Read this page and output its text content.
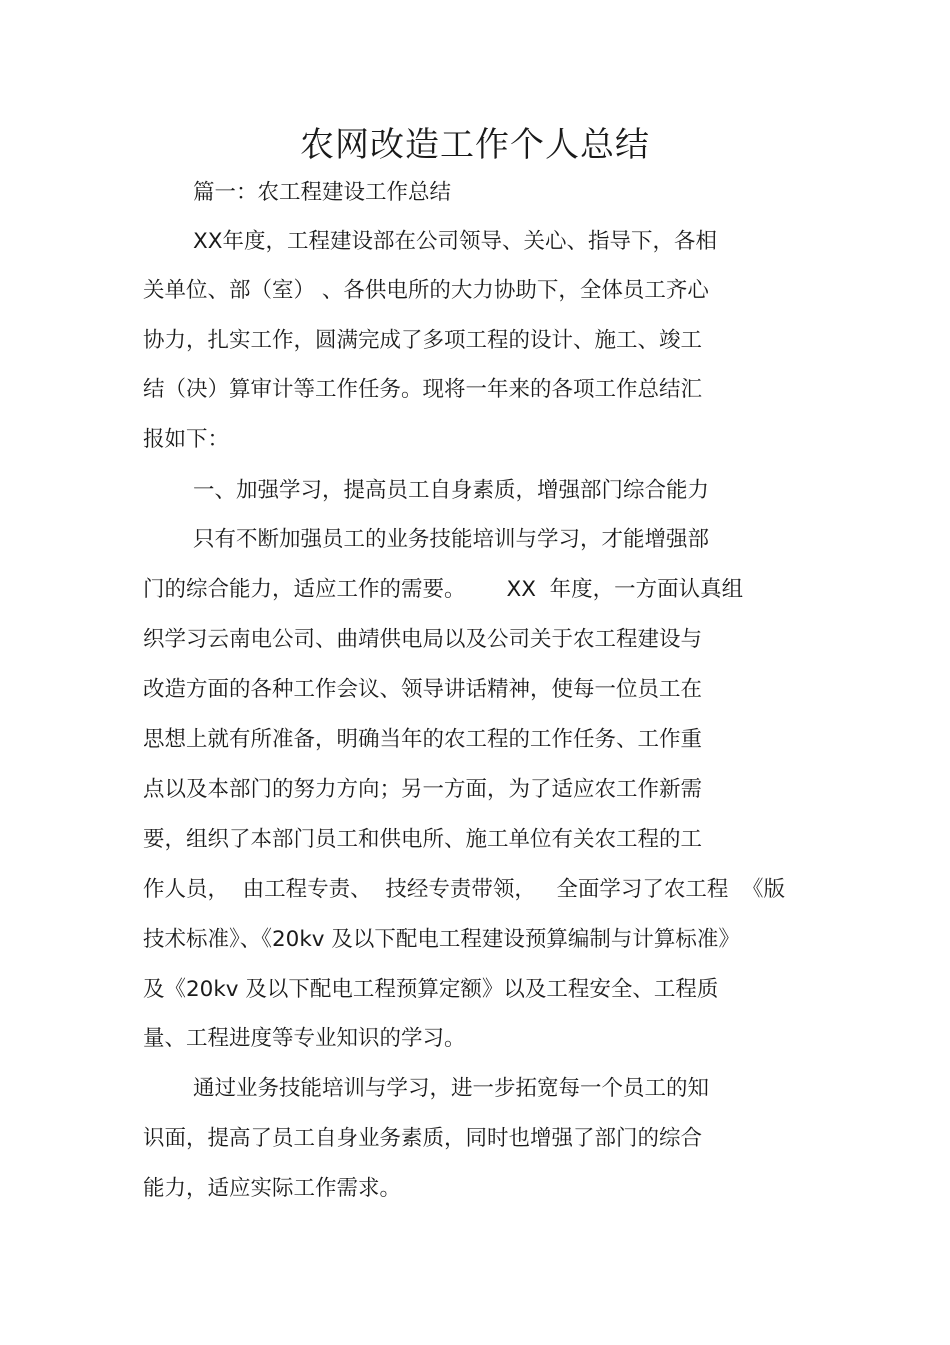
农网改造工作个人总结
篇一：农工程建设工作总结
XX年度，工程建设部在公司领导、关心、指导下，各相
关单位、部（室） 、各供电所的大力协助下，全体员工齐心
协力，扎实工作，圆满完成了多项工程的设计、施工、竣工
结（决）算审计等工作任务。现将一年来的各项工作总结汇
报如下：
一、加强学习，提高员工自身素质，增强部门综合能力
只有不断加强员工的业务技能培训与学习，才能增强部
门的综合能力，适应工作的需要。      XX  年度，一方面认真组
织学习云南电公司、曲靖供电局以及公司关于农工程建设与
改造方面的各种工作会议、领导讲话精神，使每一位员工在
思想上就有所准备，明确当年的农工程的工作任务、工作重
点以及本部门的努力方向；另一方面，为了适应农工作新需
要，组织了本部门员工和供电所、施工单位有关农工程的工
作人员，  由工程专责、  技经专责带领，   全面学习了农工程  《版
技术标准》、《20kv 及以下配电工程建设预算编制与计算标准》
及《20kv 及以下配电工程预算定额》以及工程安全、工程质
量、工程进度等专业知识的学习。
通过业务技能培训与学习，进一步拓宽每一个员工的知
识面，提高了员工自身业务素质，同时也增强了部门的综合
能力，适应实际工作需求。
